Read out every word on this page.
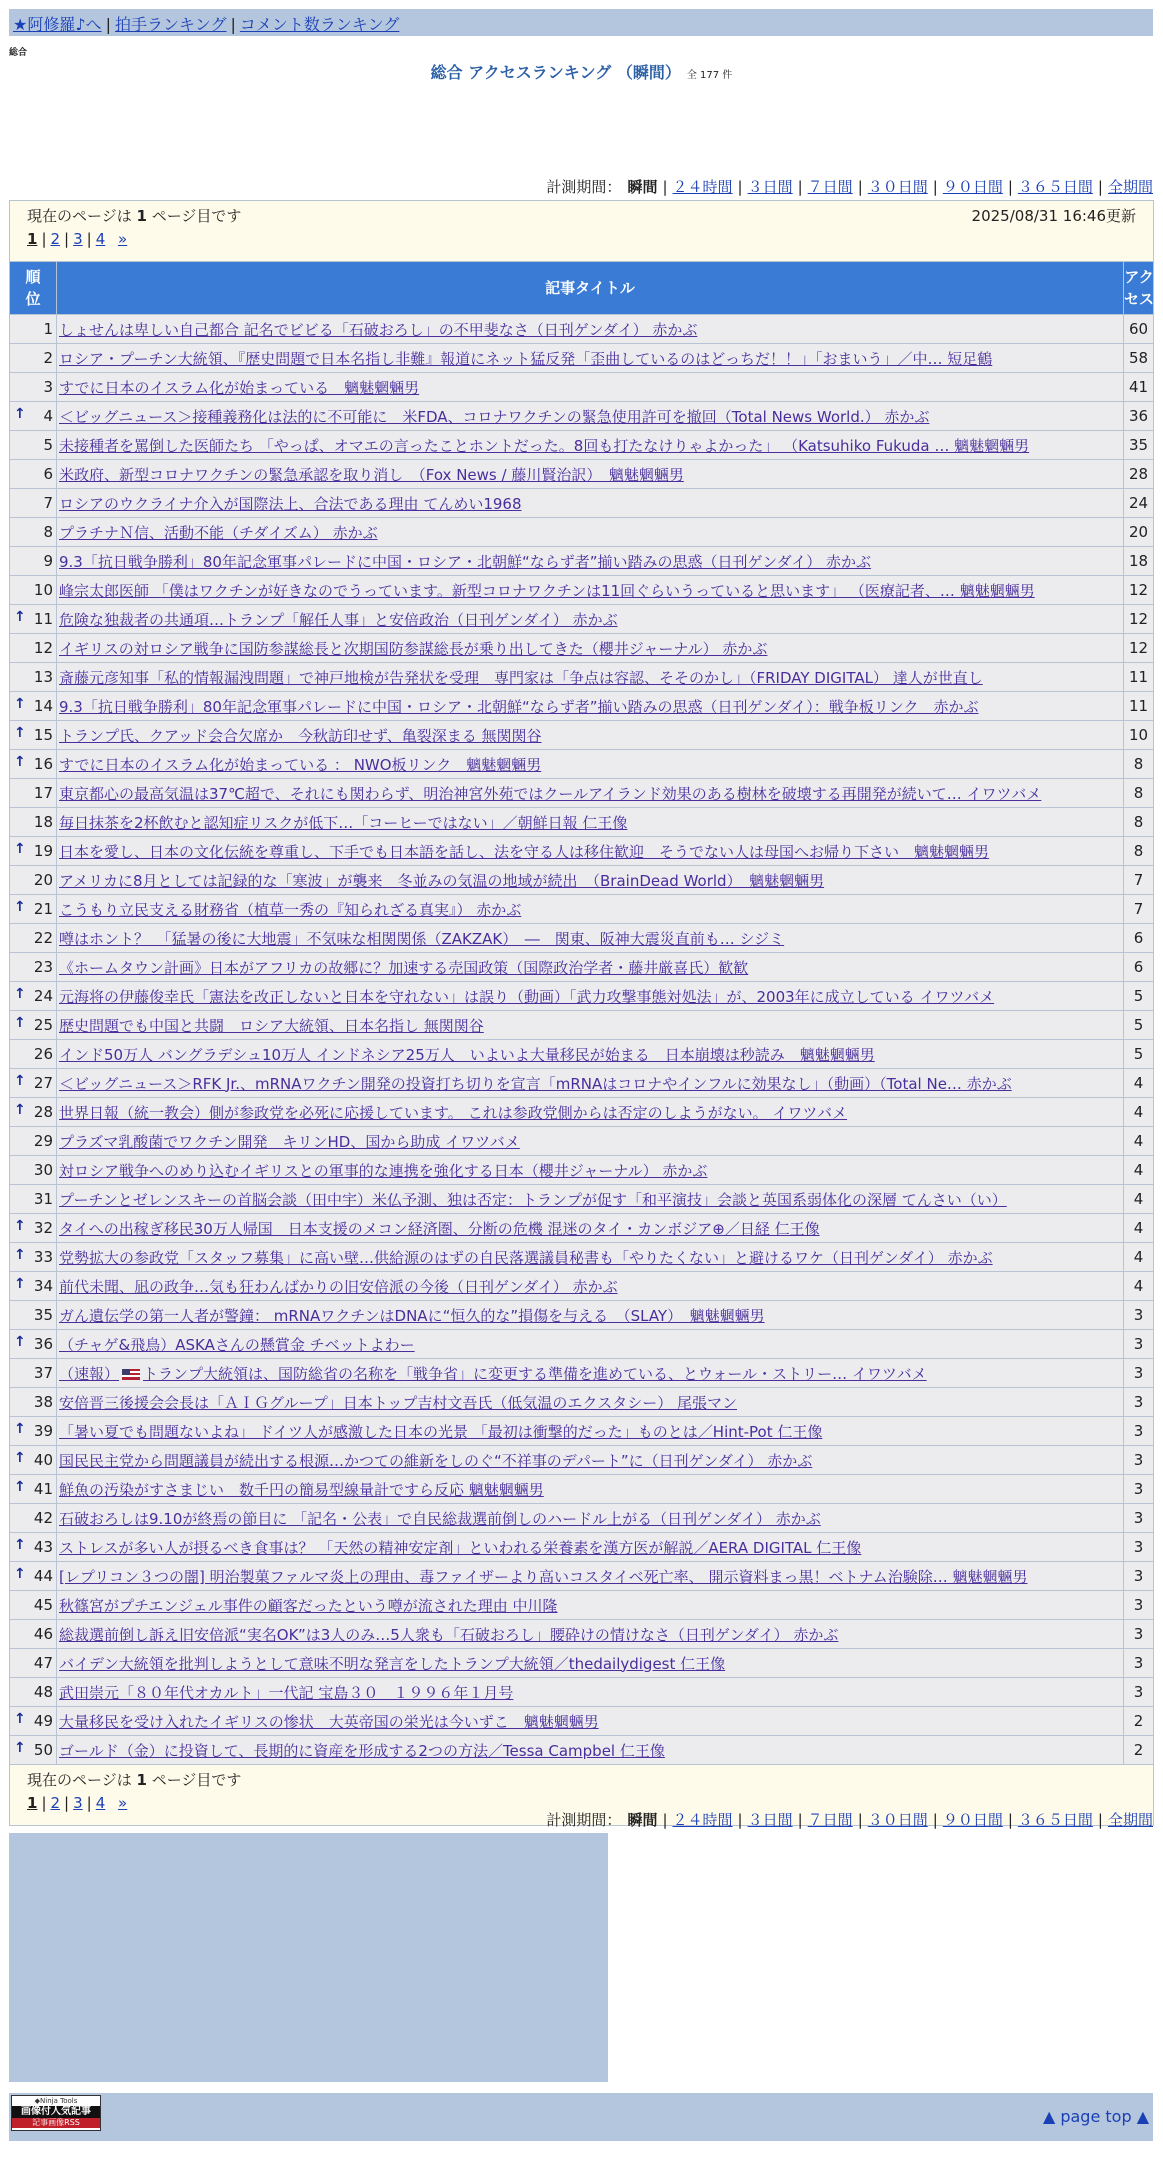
★阿修羅♪へ | 拍手ランキング | コメント数ランキング
総合
総合 アクセスランキング （瞬間） 全 177 件
計測期間： 瞬間 | ２４時間 | ３日間 | ７日間 | ３０日間 | ９０日間 | ３６５日間 | 全期間
現在のページは 1 ページ目です 2025/08/31 16:46更新
1 | 2 | 3 | 4 »		

順位	記事タイトル	アクセス
1	しょせんは卑しい自己都合 記名でビビる「石破おろし」の不甲斐なさ（日刊ゲンダイ） 赤かぶ	60
2	ロシア・プーチン大統領、『歴史問題で日本名指し非難』報道にネット猛反発「歪曲しているのはどっちだ！！」「おまいう」／中… 短足鶴	58
3	すでに日本のイスラム化が始まっている　魑魅魍魎男	41

↑ 4	＜ビッグニュース＞接種義務化は法的に不可能に　米FDA、コロナワクチンの緊急使用許可を撤回（Total News World.） 赤かぶ	36
5	未接種者を罵倒した医師たち 「やっぱ、オマエの言ったことホントだった。8回も打たなけりゃよかった」 （Katsuhiko Fukuda … 魑魅魍魎男	35
6	米政府、新型コロナワクチンの緊急承認を取り消し　（Fox News / 藤川賢治訳）　魑魅魍魎男	28
7	ロシアのウクライナ介入が国際法上、合法である理由 てんめい1968	24
8	プラチナＮ信、活動不能（チダイズム） 赤かぶ	20
9	9.3「抗日戦争勝利」80年記念軍事パレードに中国・ロシア・北朝鮮“ならず者”揃い踏みの思惑（日刊ゲンダイ） 赤かぶ	18
10	峰宗太郎医師 「僕はワクチンが好きなのでうっています。新型コロナワクチンは11回ぐらいうっていると思います」 （医療記者、… 魑魅魍魎男	12

↑ 11	危険な独裁者の共通項…トランプ「解任人事」と安倍政治（日刊ゲンダイ） 赤かぶ	12
12	イギリスの対ロシア戦争に国防参謀総長と次期国防参謀総長が乗り出してきた（櫻井ジャーナル） 赤かぶ	12
13	斎藤元彦知事「私的情報漏洩問題」で神戸地検が告発状を受理　専門家は「争点は容認、そそのかし」（FRIDAY DIGITAL） 達人が世直し	11

↑ 14	9.3「抗日戦争勝利」80年記念軍事パレードに中国・ロシア・北朝鮮“ならず者”揃い踏みの思惑（日刊ゲンダイ）：戦争板リンク　赤かぶ	11

↑ 15	トランプ氏、クアッド会合欠席か　今秋訪印せず、亀裂深まる 無関関谷	10

↑ 16	すでに日本のイスラム化が始まっている ： NWO板リンク　魑魅魍魎男	8
17	東京都心の最高気温は37℃超で、それにも関わらず、明治神宮外苑ではクールアイランド効果のある樹林を破壊する再開発が続いて… イワツバメ	8
18	毎日抹茶を2杯飲むと認知症リスクが低下…「コーヒーではない」／朝鮮日報 仁王像	8

↑ 19	日本を愛し、日本の文化伝統を尊重し、下手でも日本語を話し、法を守る人は移住歓迎　そうでない人は母国へお帰り下さい　魑魅魍魎男	8
20	アメリカに8月としては記録的な「寒波」が襲来　冬並みの気温の地域が続出　（BrainDead World）　魑魅魍魎男	7

↑ 21	こうもり立民支える財務省（植草一秀の『知られざる真実』） 赤かぶ	7
22	噂はホント？　「猛暑の後に大地震」不気味な相関関係（ZAKZAK）　―　関東、阪神大震災直前も… シジミ	6
23	《ホームタウン計画》日本がアフリカの故郷に？加速する売国政策（国際政治学者・藤井厳喜氏）歓歓	6

↑ 24	元海将の伊藤俊幸氏「憲法を改正しないと日本を守れない」は誤り（動画）「武力攻撃事態対処法」が、2003年に成立している イワツバメ	5

↑ 25	歴史問題でも中国と共闘　ロシア大統領、日本名指し 無関関谷	5
26	インド50万人 バングラデシュ10万人 インドネシア25万人　いよいよ大量移民が始まる　日本崩壊は秒読み　魑魅魍魎男	5

↑ 27	＜ビッグニュース＞RFK Jr.、mRNAワクチン開発の投資打ち切りを宣言「mRNAはコロナやインフルに効果なし」（動画）（Total Ne… 赤かぶ	4

↑ 28	世界日報（統一教会）側が参政党を必死に応援しています。 これは参政党側からは否定のしようがない。 イワツバメ	4
29	プラズマ乳酸菌でワクチン開発　キリンHD、国から助成 イワツバメ	4
30	対ロシア戦争へのめり込むイギリスとの軍事的な連携を強化する日本（櫻井ジャーナル） 赤かぶ	4
31	プーチンとゼレンスキーの首脳会談（田中宇）米仏予測、独は否定：トランプが促す「和平演技」会談と英国系弱体化の深層 てんさい（い）	4

↑ 32	タイへの出稼ぎ移民30万人帰国　日本支援のメコン経済圏、分断の危機 混迷のタイ・カンボジア⊕／日経 仁王像	4

↑ 33	党勢拡大の参政党「スタッフ募集」に高い壁…供給源のはずの自民落選議員秘書も「やりたくない」と避けるワケ（日刊ゲンダイ） 赤かぶ	4

↑ 34	前代未聞、凪の政争…気も狂わんばかりの旧安倍派の今後（日刊ゲンダイ） 赤かぶ	4
35	ガん遺伝学の第一人者が警鐘： mRNAワクチンはDNAに“恒久的な”損傷を与える　（SLAY）　魑魅魍魎男	3

↑ 36	（チャゲ&飛鳥）ASKAさんの懸賞金 チベットよわー	3
37	（速報） トランプ大統領は、国防総省の名称を「戦争省」に変更する準備を進めている、とウォール・ストリー… イワツバメ	3
38	安倍晋三後援会会長は「ＡＩＧグループ」日本トップ吉村文吾氏（低気温のエクスタシー） 尾張マン	3

↑ 39	「暑い夏でも問題ないよね」 ドイツ人が感激した日本の光景 「最初は衝撃的だった」ものとは／Hint-Pot 仁王像	3

↑ 40	国民民主党から問題議員が続出する根源…かつての維新をしのぐ“不祥事のデパート”に（日刊ゲンダイ） 赤かぶ	3

↑ 41	鮮魚の汚染がすさまじい　数千円の簡易型線量計ですら反応 魑魅魍魎男	3
42	石破おろしは9.10が終焉の節目に 「記名・公表」で自民総裁選前倒しのハードル上がる（日刊ゲンダイ） 赤かぶ	3

↑ 43	ストレスが多い人が摂るべき食事は？ 「天然の精神安定剤」といわれる栄養素を漢方医が解説／AERA DIGITAL 仁王像	3

↑ 44	[レプリコン３つの闇] 明治製菓ファルマ炎上の理由、毒ファイザーより高いコスタイベ死亡率、 開示資料まっ黒！ベトナム治験除… 魑魅魍魎男	3
45	秋篠宮がプチエンジェル事件の顧客だったという噂が流された理由 中川隆	3
46	総裁選前倒し訴え旧安倍派“実名OK”は3人のみ…5人衆も「石破おろし」腰砕けの情けなさ（日刊ゲンダイ） 赤かぶ	3
47	バイデン大統領を批判しようとして意味不明な発言をしたトランプ大統領／thedailydigest 仁王像	3
48	武田崇元「８０年代オカルト」一代記 宝島３０　１９９６年１月号	3

↑ 49	大量移民を受け入れたイギリスの惨状　大英帝国の栄光は今いずこ　魑魅魍魎男	2

↑ 50	ゴールド（金）に投資して、長期的に資産を形成する2つの方法／Tessa Campbel 仁王像	2

現在のページは 1 ページ目です
1 | 2 | 3 | 4 »		
計測期間： 瞬間 | ２４時間 | ３日間 | ７日間 | ３０日間 | ９０日間 | ３６５日間 | 全期間
◆Ninja Tools
画像付人気記事
記事画像RSS	▲ page top ▲
